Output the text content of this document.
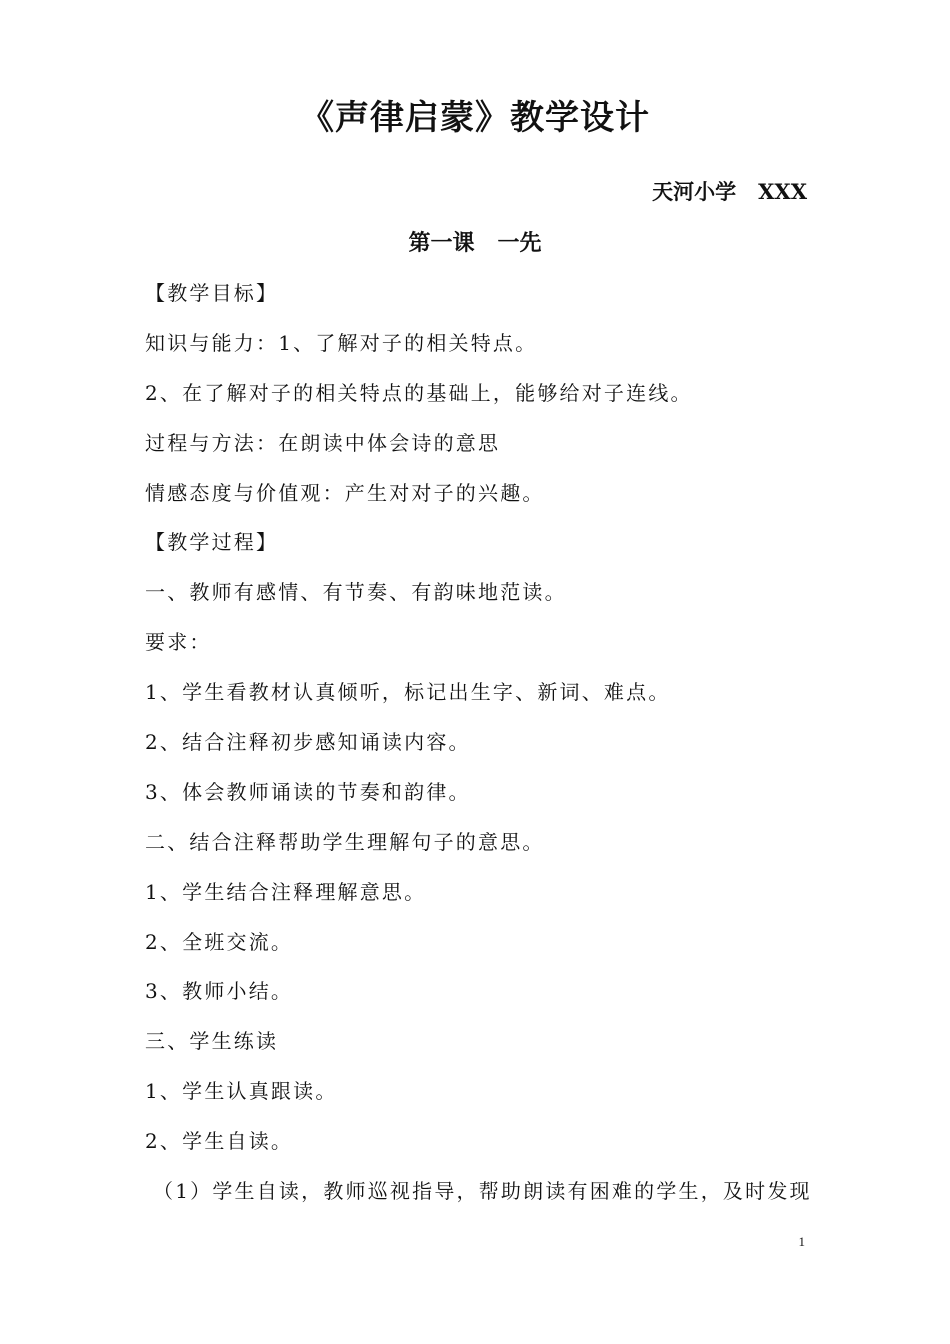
《声律启蒙》教学设计
天河小学 XXX
第一课   一先
【教学目标】
知识与能力：1、了解对子的相关特点。
2、在了解对子的相关特点的基础上，能够给对子连线。
过程与方法：在朗读中体会诗的意思
情感态度与价值观：产生对对子的兴趣。
【教学过程】
一、教师有感情、有节奏、有韵味地范读。
要求：
1、学生看教材认真倾听，标记出生字、新词、难点。
2、结合注释初步感知诵读内容。
3、体会教师诵读的节奏和韵律。
二、结合注释帮助学生理解句子的意思。
1、学生结合注释理解意思。
2、全班交流。
3、教师小结。
三、学生练读
1、学生认真跟读。
2、学生自读。
（1）学生自读，教师巡视指导，帮助朗读有困难的学生，及时发现
1
